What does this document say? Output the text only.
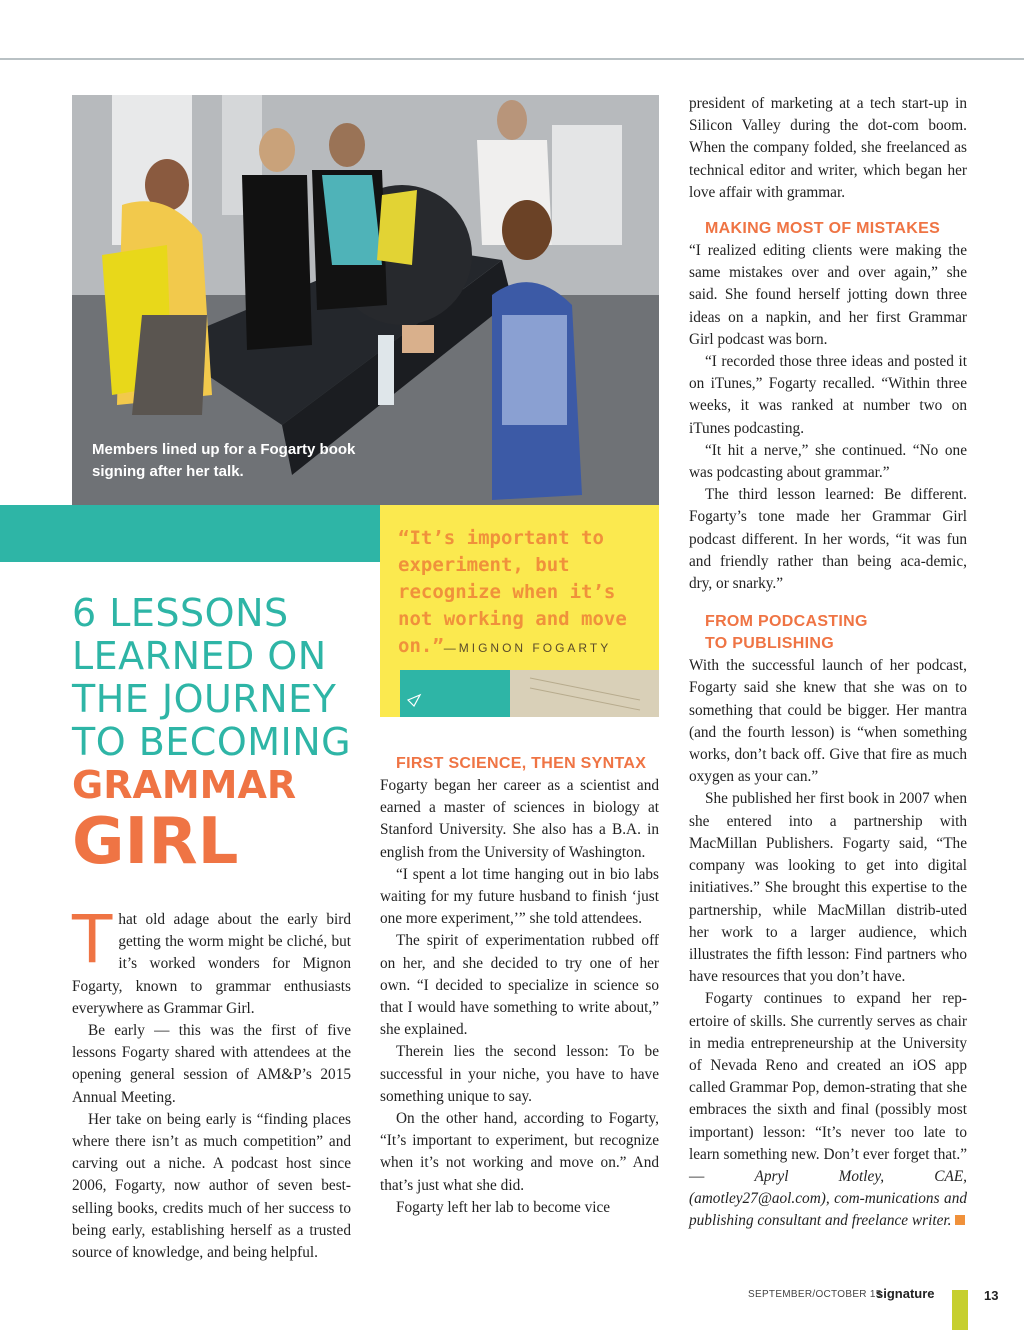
Members lined up for a Fogarty book signing after her talk.
“It’s important to experiment, but recognize when it’s not working and move on.”—MIGNON FOGARTY
6 LESSONS
LEARNED ON
THE JOURNEY
TO BECOMING
GRAMMAR
GIRL

That old adage about the early bird getting the worm might be cliché, but it’s worked wonders for Mignon Fogarty, known to grammar enthusiasts everywhere as Grammar Girl.

Be early — this was the first of five lessons Fogarty shared with attendees at the opening general session of AM&P’s 2015 Annual Meeting.

Her take on being early is “finding places where there isn’t as much competition” and carving out a niche. A podcast host since 2006, Fogarty, now author of seven best-selling books, credits much of her success to being early, establishing herself as a trusted source of knowledge, and being helpful.

FIRST SCIENCE, THEN SYNTAX

Fogarty began her career as a scientist and earned a master of sciences in biology at Stanford University. She also has a B.A. in english from the University of Washington.

“I spent a lot time hanging out in bio labs waiting for my future husband to finish ‘just one more experiment,’” she told attendees.

The spirit of experimentation rubbed off on her, and she decided to try one of her own. “I decided to specialize in science so that I would have something to write about,” she explained.

Therein lies the second lesson: To be successful in your niche, you have to have something unique to say.

On the other hand, according to Fogarty, “It’s important to experiment, but recognize when it’s not working and move on.” And that’s just what she did.

Fogarty left her lab to become vice

president of marketing at a tech start-up in Silicon Valley during the dot-com boom. When the company folded, she freelanced as technical editor and writer, which began her love affair with grammar.

MAKING MOST OF MISTAKES

“I realized editing clients were making the same mistakes over and over again,” she said. She found herself jotting down three ideas on a napkin, and her first Grammar Girl podcast was born.

“I recorded those three ideas and posted it on iTunes,” Fogarty recalled. “Within three weeks, it was ranked at number two on iTunes podcasting.

“It hit a nerve,” she continued. “No one was podcasting about grammar.”

The third lesson learned: Be different. Fogarty’s tone made her Grammar Girl podcast different. In her words, “it was fun and friendly rather than being aca-demic, dry, or snarky.”

FROM PODCASTING

TO PUBLISHING

With the successful launch of her podcast, Fogarty said she knew that she was on to something that could be bigger. Her mantra (and the fourth lesson) is “when something works, don’t back off. Give that fire as much oxygen as your can.”

She published her first book in 2007 when she entered into a partnership with MacMillan Publishers. Fogarty said, “The company was looking to get into digital initiatives.” She brought this expertise to the partnership, while MacMillan distrib-uted her work to a larger audience, which illustrates the fifth lesson: Find partners who have resources that you don’t have.

Fogarty continues to expand her rep-ertoire of skills. She currently serves as chair in media entrepreneurship at the University of Nevada Reno and created an iOS app called Grammar Pop, demon-strating that she embraces the sixth and final (possibly most important) lesson: “It’s never too late to learn something new. Don’t ever forget that.” —	Apryl Motley, CAE, (amotley27@aol.com), com-munications and publishing consultant and freelance writer.

SEPTEMBER/OCTOBER 15
signature	13
